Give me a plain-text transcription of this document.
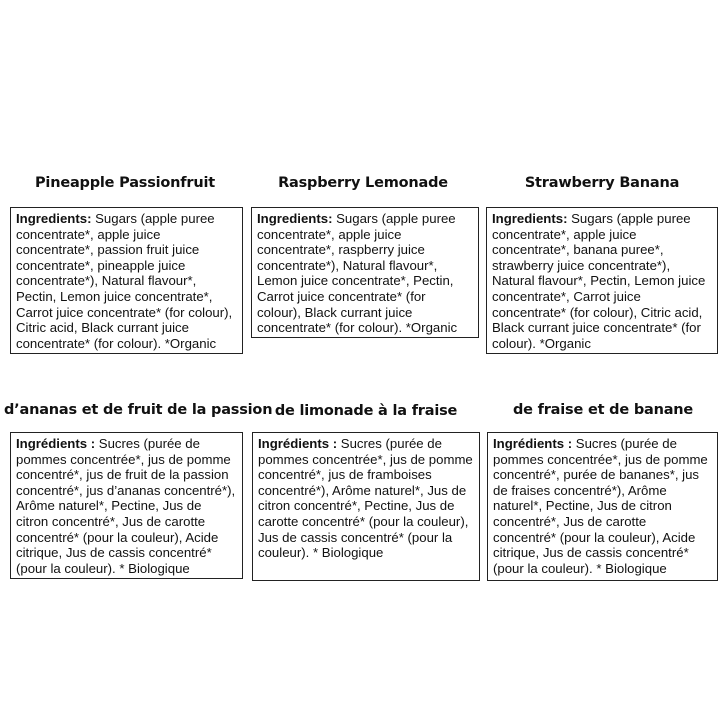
Pineapple Passionfruit
Ingredients: Sugars (apple puree concentrate*, apple juice concentrate*, passion fruit juice concentrate*, pineapple juice concentrate*), Natural flavour*, Pectin, Lemon juice concentrate*, Carrot juice concentrate* (for colour), Citric acid, Black currant juice concentrate* (for colour). *Organic
Raspberry Lemonade
Ingredients: Sugars (apple puree concentrate*, apple juice concentrate*, raspberry juice concentrate*), Natural flavour*, Lemon juice concentrate*, Pectin, Carrot juice concentrate* (for colour), Black currant juice concentrate* (for colour). *Organic
Strawberry Banana
Ingredients: Sugars (apple puree concentrate*, apple juice concentrate*, banana puree*, strawberry juice concentrate*), Natural flavour*, Pectin, Lemon juice concentrate*, Carrot juice concentrate* (for colour), Citric acid, Black currant juice concentrate* (for colour). *Organic
d’ananas et de fruit de la passion
Ingrédients : Sucres (purée de pommes concentrée*, jus de pomme concentré*, jus de fruit de la passion concentré*, jus d’ananas concentré*), Arôme naturel*, Pectine, Jus de citron concentré*, Jus de carotte concentré* (pour la couleur), Acide citrique, Jus de cassis concentré* (pour la couleur). * Biologique
de limonade à la fraise
Ingrédients : Sucres (purée de pommes concentrée*, jus de pomme concentré*, jus de framboises concentré*), Arôme naturel*, Jus de citron concentré*, Pectine, Jus de carotte concentré* (pour la couleur), Jus de cassis concentré* (pour la couleur). * Biologique
de fraise et de banane
Ingrédients : Sucres (purée de pommes concentrée*, jus de pomme concentré*, purée de bananes*, jus de fraises concentré*), Arôme naturel*, Pectine, Jus de citron concentré*, Jus de carotte concentré* (pour la couleur), Acide citrique, Jus de cassis concentré* (pour la couleur). * Biologique
